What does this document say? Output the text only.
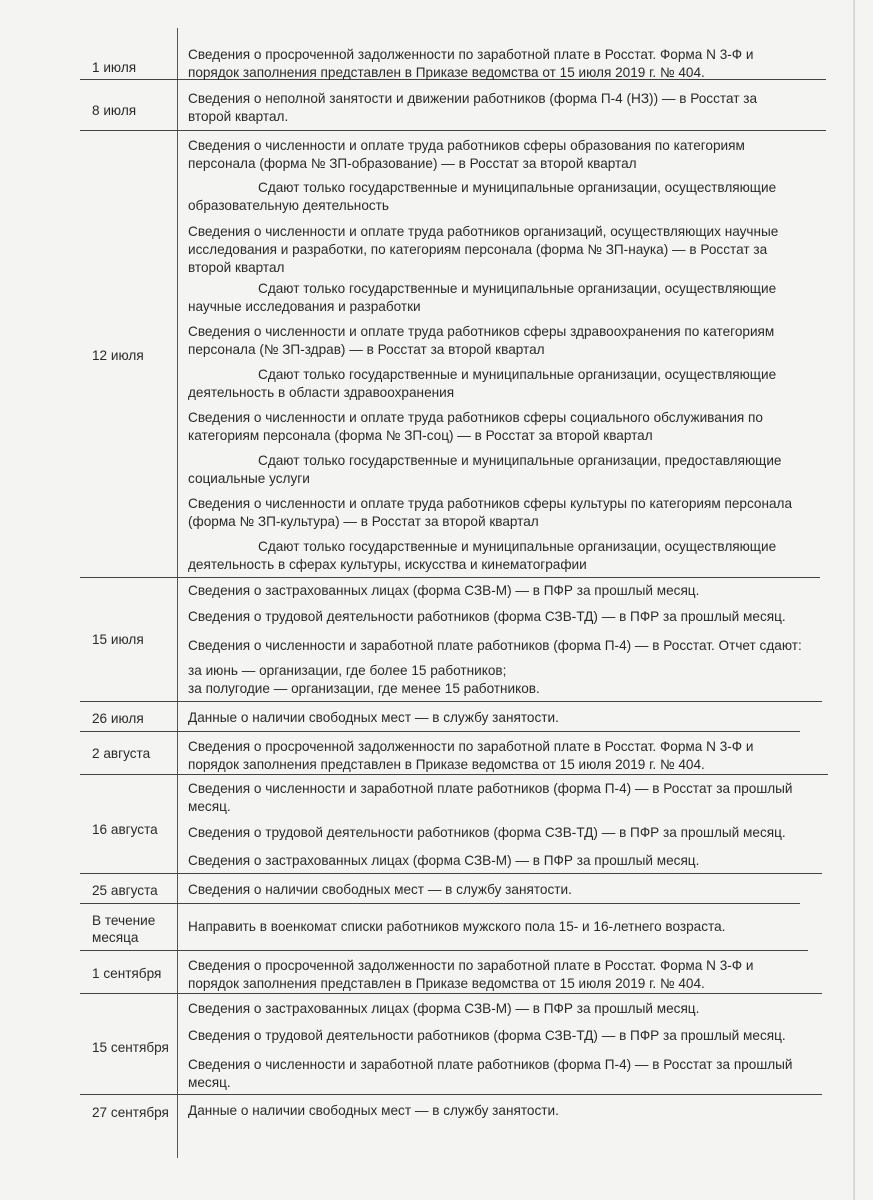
1 июля
Сведения о просроченной задолженности по заработной плате в Росстат. Форма N 3-Ф и
порядок заполнения представлен в Приказе ведомства от 15 июля 2019 г. № 404.
8 июля
Сведения о неполной занятости и движении работников (форма П-4 (НЗ)) — в Росстат за
второй квартал.
12 июля
Сведения о численности и оплате труда работников сферы образования по категориям
персонала (форма № ЗП-образование) — в Росстат за второй квартал
Сдают только государственные и муниципальные организации, осуществляющие
образовательную деятельность
Сведения о численности и оплате труда работников организаций, осуществляющих научные
исследования и разработки, по категориям персонала (форма № ЗП-наука) — в Росстат за
второй квартал
Сдают только государственные и муниципальные организации, осуществляющие
научные исследования и разработки
Сведения о численности и оплате труда работников сферы здравоохранения по категориям
персонала (№ ЗП-здрав) — в Росстат за второй квартал
Сдают только государственные и муниципальные организации, осуществляющие
деятельность в области здравоохранения
Сведения о численности и оплате труда работников сферы социального обслуживания по
категориям персонала (форма № ЗП-соц) — в Росстат за второй квартал
Сдают только государственные и муниципальные организации, предоставляющие
социальные услуги
Сведения о численности и оплате труда работников сферы культуры по категориям персонала
(форма № ЗП-культура) — в Росстат за второй квартал
Сдают только государственные и муниципальные организации, осуществляющие
деятельность в сферах культуры, искусства и кинематографии
15 июля
Сведения о застрахованных лицах (форма СЗВ-М) — в ПФР за прошлый месяц.
Сведения о трудовой деятельности работников (форма СЗВ-ТД) — в ПФР за прошлый месяц.
Сведения о численности и заработной плате работников (форма П-4) — в Росстат. Отчет сдают:
за июнь — организации, где более 15 работников;
за полугодие — организации, где менее 15 работников.
26 июля	Данные о наличии свободных мест — в службу занятости.
2 августа	Сведения о просроченной задолженности по заработной плате в Росстат. Форма N 3-Ф и
порядок заполнения представлен в Приказе ведомства от 15 июля 2019 г. № 404.
16 августа
Сведения о численности и заработной плате работников (форма П-4) — в Росстат за прошлый
месяц.
Сведения о трудовой деятельности работников (форма СЗВ-ТД) — в ПФР за прошлый месяц.
Сведения о застрахованных лицах (форма СЗВ-М) — в ПФР за прошлый месяц.
25 августа Сведения о наличии свободных мест — в службу занятости.
В течение
месяца
Направить в военкомат списки работников мужского пола 15- и 16-летнего возраста.
1 сентября
Сведения о просроченной задолженности по заработной плате в Росстат. Форма N 3-Ф и
порядок заполнения представлен в Приказе ведомства от 15 июля 2019 г. № 404.
15 сентября
Сведения о застрахованных лицах (форма СЗВ-М) — в ПФР за прошлый месяц.
Сведения о трудовой деятельности работников (форма СЗВ-ТД) — в ПФР за прошлый месяц.
Сведения о численности и заработной плате работников (форма П-4) — в Росстат за прошлый
месяц.
27 сентября Данные о наличии свободных мест — в службу занятости.
